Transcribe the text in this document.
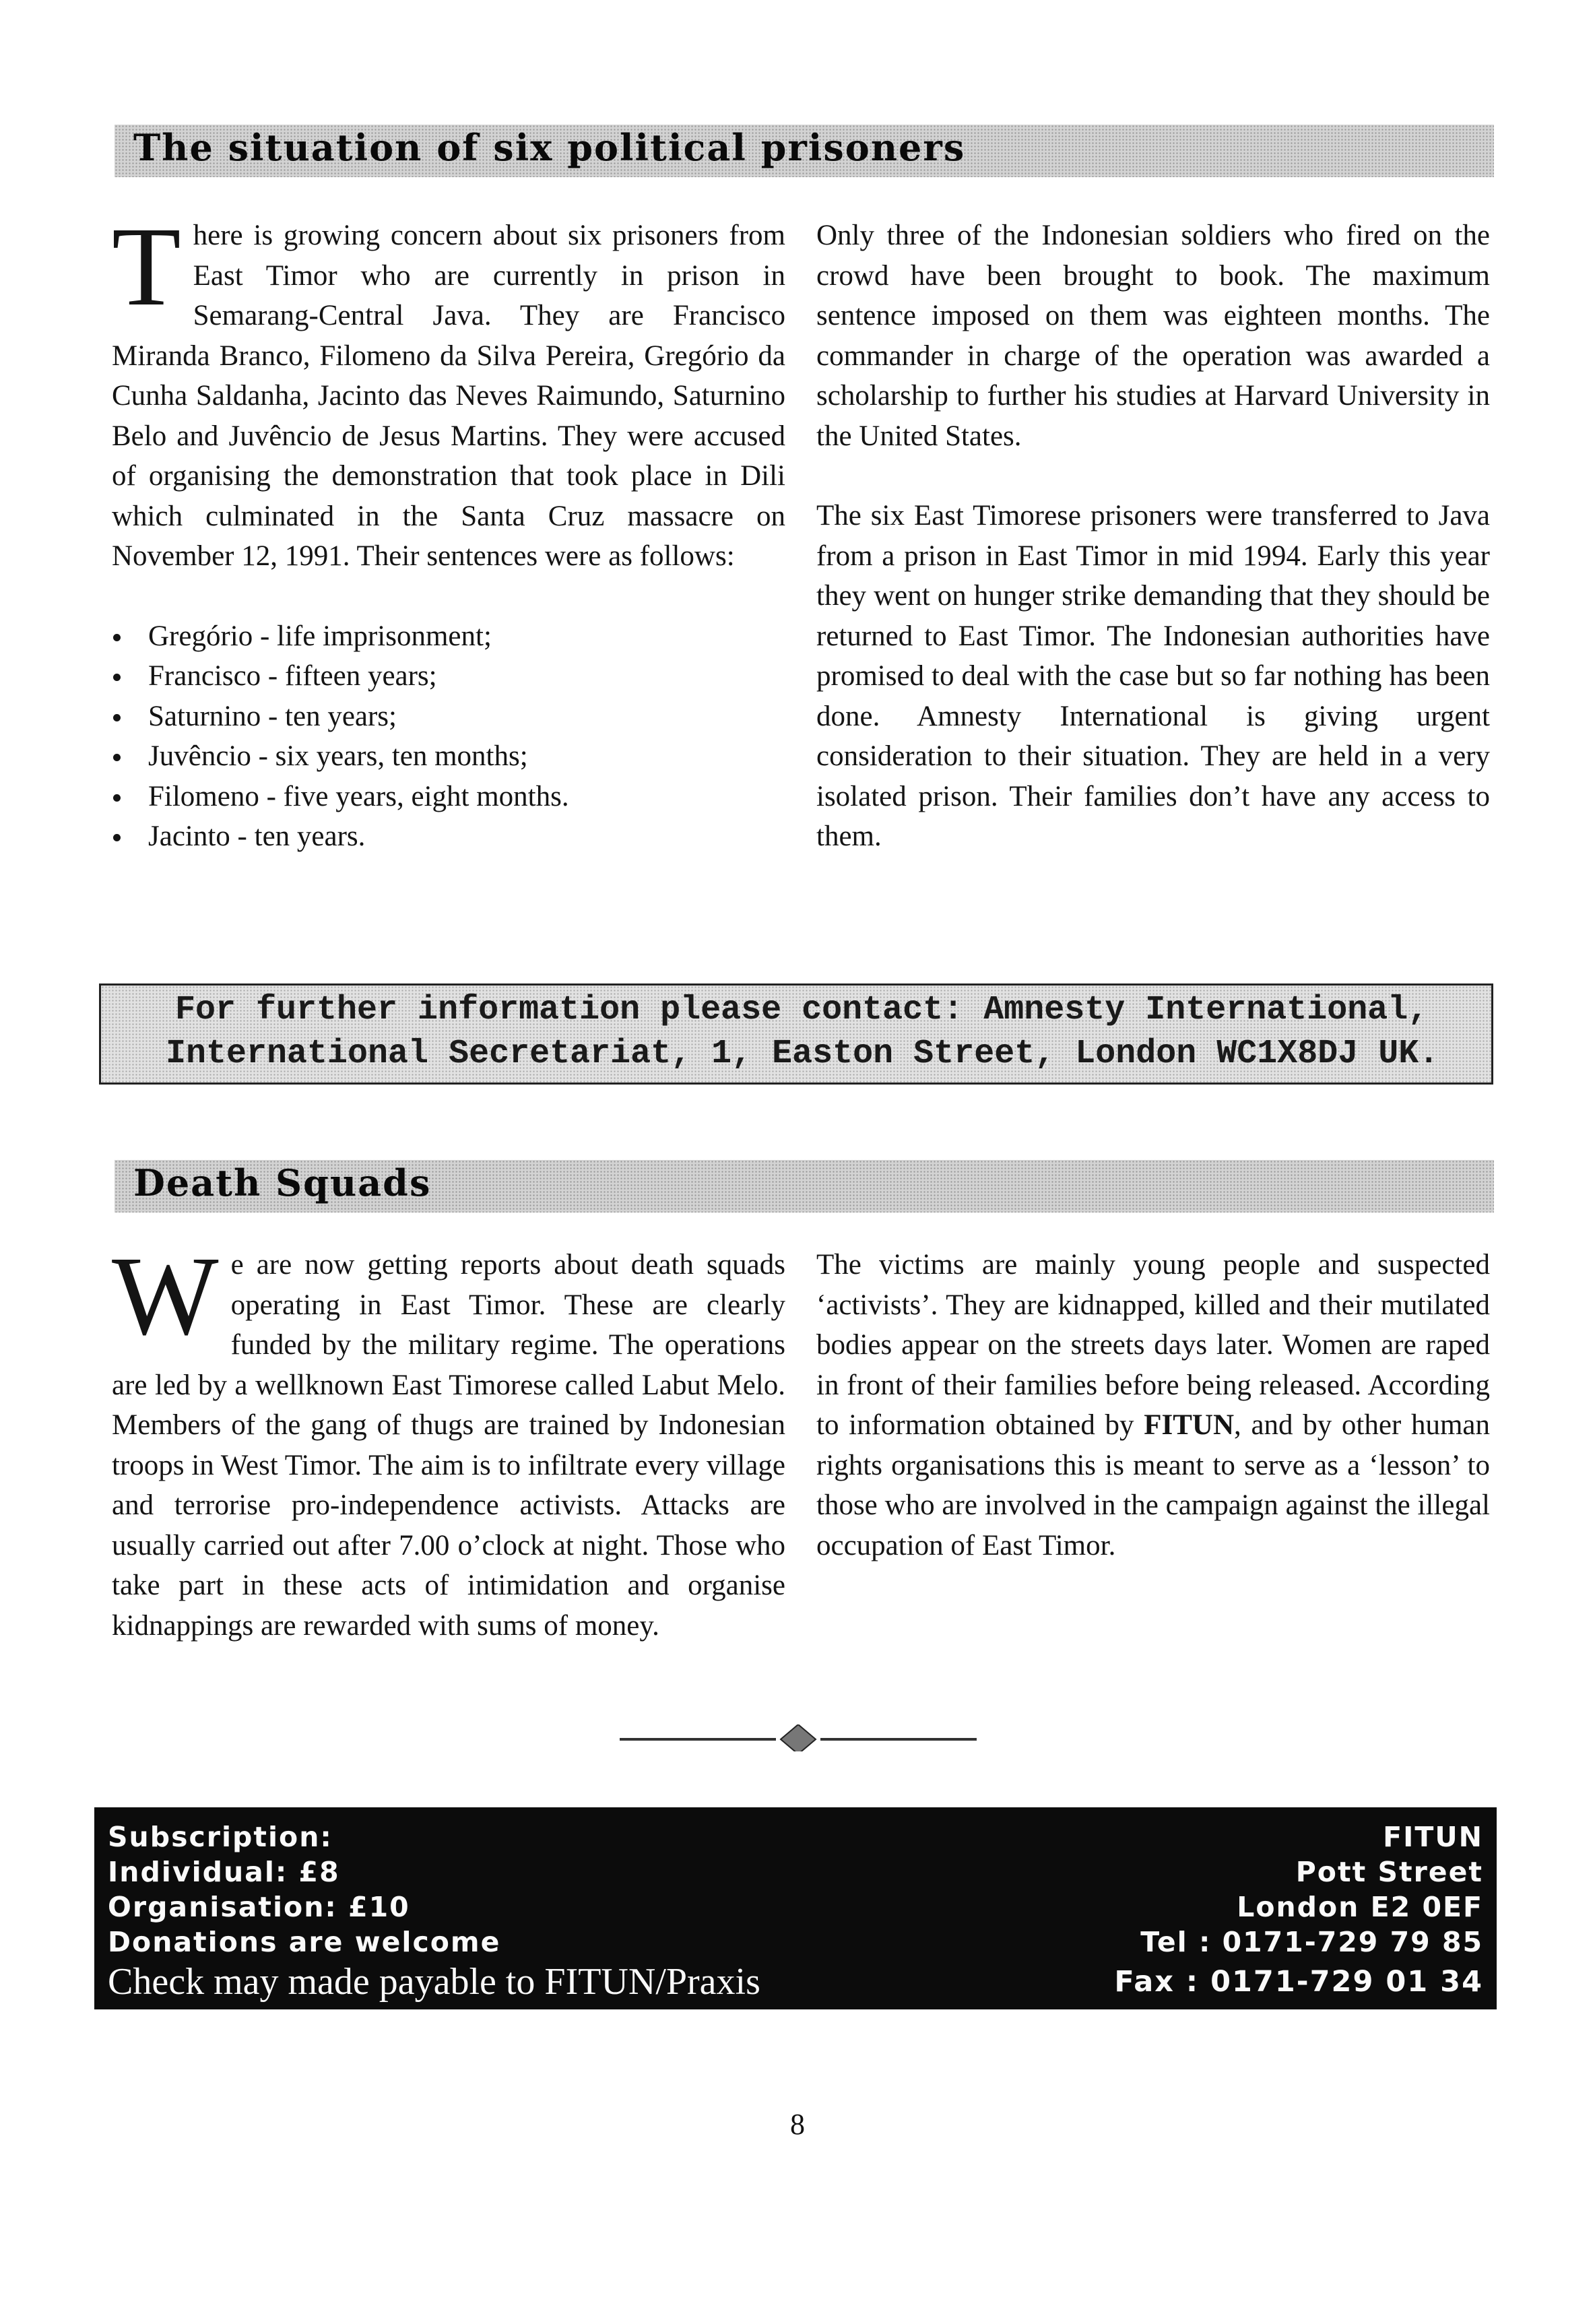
The situation of six political prisoners
T here is growing concern about six prisoners from East Timor who are currently in prison in Semarang-Central Java. They are Francisco Miranda Branco, Filomeno da Silva Pereira, Gregório da Cunha Saldanha, Jacinto das Neves Raimundo, Saturnino Belo and Juvêncio de Jesus Martins. They were accused of organising the demonstration that took place in Dili which culminated in the Santa Cruz massacre on November 12, 1991. Their sentences were as follows:

Gregório - life imprisonment;
Francisco - fifteen years;
Saturnino - ten years;
Juvêncio - six years, ten months;
Filomeno - five years, eight months.
Jacinto - ten years.

Only three of the Indonesian soldiers who fired on the crowd have been brought to book. The maximum sentence imposed on them was eighteen months. The commander in charge of the operation was awarded a scholarship to further his studies at Harvard University in the United States.

The six East Timorese prisoners were transferred to Java from a prison in East Timor in mid 1994. Early this year they went on hunger strike demanding that they should be returned to East Timor. The Indonesian authorities have promised to deal with the case but so far nothing has been done. Amnesty International is giving urgent consideration to their situation. They are held in a very isolated prison. Their families don’t have any access to them.

For further information please contact: Amnesty International,
International Secretariat, 1, Easton Street, London WC1X8DJ UK.
Death Squads
W e are now getting reports about death squads operating in East Timor. These are clearly funded by the military regime. The operations are led by a wellknown East Timorese called Labut Melo. Members of the gang of thugs are trained by Indonesian troops in West Timor. The aim is to infiltrate every village and terrorise pro-independence activists. Attacks are usually carried out after 7.00 o’clock at night. Those who take part in these acts of intimidation and organise kidnappings are rewarded with sums of money.

The victims are mainly young people and suspected ‘activists’. They are kidnapped, killed and their mutilated bodies appear on the streets days later. Women are raped in front of their families before being released. According to information obtained by FITUN, and by other human rights organisations this is meant to serve as a ‘lesson’ to those who are involved in the campaign against the illegal occupation of East Timor.

Subscription:
Individual: £8
Organisation: £10
Donations are welcome
Check may made payable to FITUN/Praxis
FITUN
Pott Street
London E2 0EF
Tel : 0171-729 79 85
Fax : 0171-729 01 34
8
